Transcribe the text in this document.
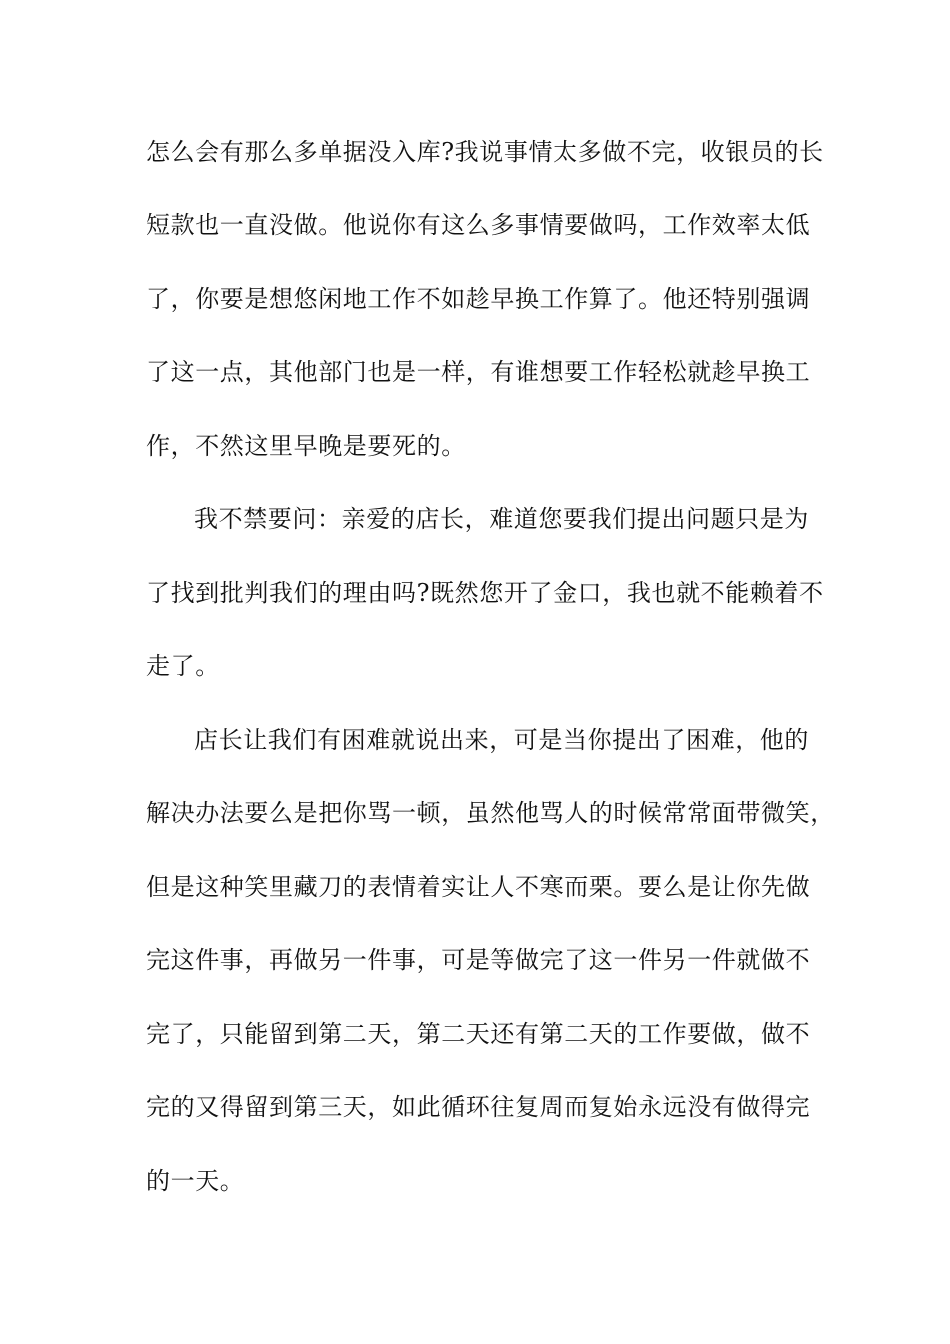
怎么会有那么多单据没入库?我说事情太多做不完，收银员的长
短款也一直没做。他说你有这么多事情要做吗，工作效率太低
了，你要是想悠闲地工作不如趁早换工作算了。他还特别强调
了这一点，其他部门也是一样，有谁想要工作轻松就趁早换工
作，不然这里早晚是要死的。
我不禁要问：亲爱的店长，难道您要我们提出问题只是为
了找到批判我们的理由吗?既然您开了金口，我也就不能赖着不
走了。
店长让我们有困难就说出来，可是当你提出了困难，他的
解决办法要么是把你骂一顿，虽然他骂人的时候常常面带微笑，
但是这种笑里藏刀的表情着实让人不寒而栗。要么是让你先做
完这件事，再做另一件事，可是等做完了这一件另一件就做不
完了，只能留到第二天，第二天还有第二天的工作要做，做不
完的又得留到第三天，如此循环往复周而复始永远没有做得完
的一天。
